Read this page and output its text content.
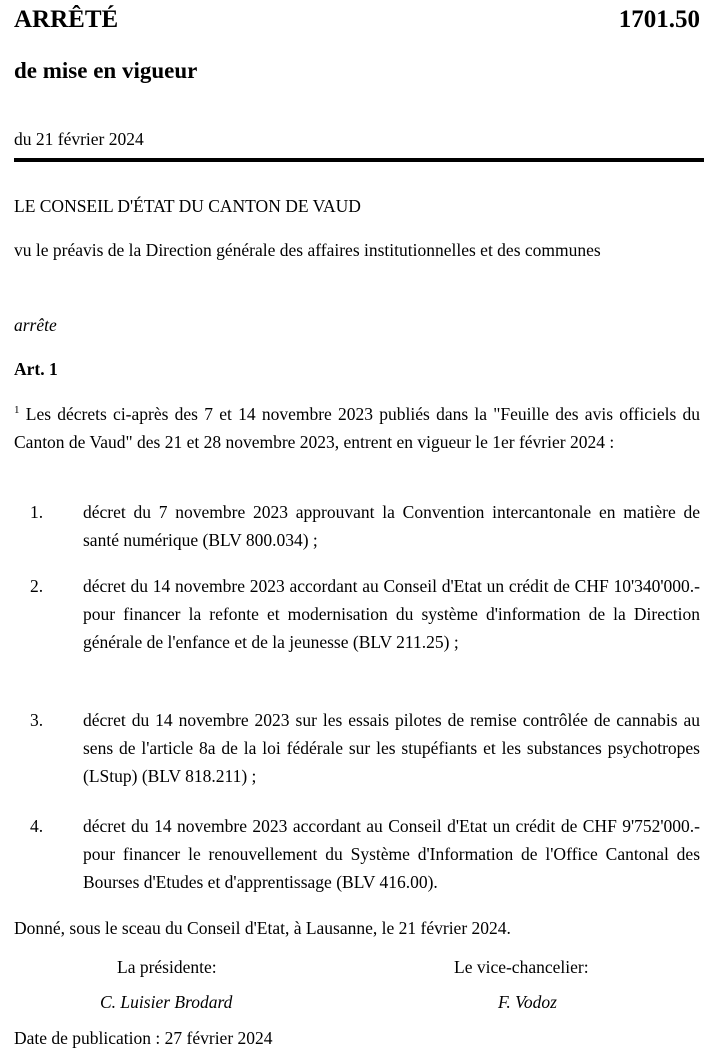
ARRÊTÉ	1701.50
de mise en vigueur
du 21 février 2024
LE CONSEIL D'ÉTAT DU CANTON DE VAUD
vu le préavis de la Direction générale des affaires institutionnelles et des communes
arrête
Art. 1
$^1$ Les décrets ci-après des 7 et 14 novembre 2023 publiés dans la "Feuille des avis officiels du Canton de Vaud" des 21 et 28 novembre 2023, entrent en vigueur le 1er février 2024 :
1.	décret du 7 novembre 2023 approuvant la Convention intercantonale en matière de santé numérique (BLV 800.034) ;
2.	décret du 14 novembre 2023 accordant au Conseil d'Etat un crédit de CHF 10'340'000.- pour financer la refonte et modernisation du système d'information de la Direction générale de l'enfance et de la jeunesse (BLV 211.25) ;
3.	décret du 14 novembre 2023 sur les essais pilotes de remise contrôlée de cannabis au sens de l'article 8a de la loi fédérale sur les stupéfiants et les substances psychotropes (LStup) (BLV 818.211) ;
4.	décret du 14 novembre 2023 accordant au Conseil d'Etat un crédit de CHF 9'752'000.- pour financer le renouvellement du Système d'Information de l'Office Cantonal des Bourses d'Etudes et d'apprentissage (BLV 416.00).
Donné, sous le sceau du Conseil d'Etat, à Lausanne, le 21 février 2024.
La présidente:	Le vice-chancelier:
C. Luisier Brodard	F. Vodoz
Date de publication : 27 février 2024
